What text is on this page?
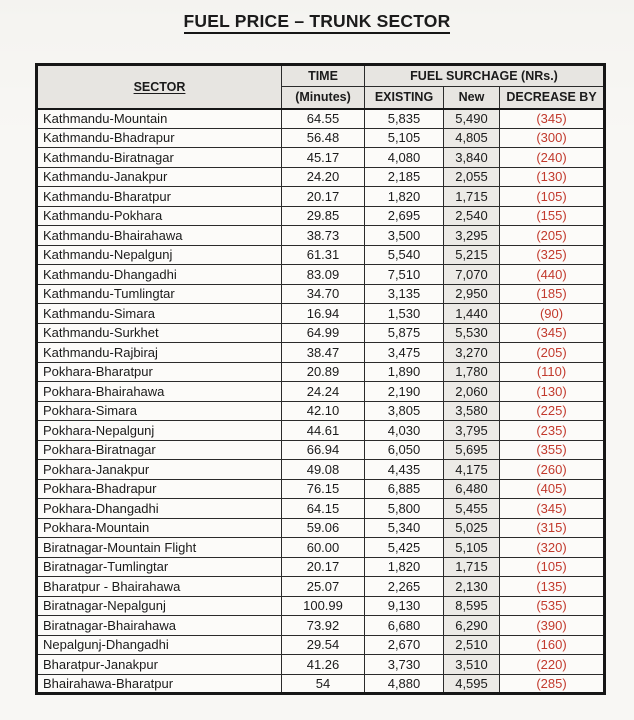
FUEL PRICE – TRUNK SECTOR
SECTOR	TIME	FUEL SURCHAGE (NRs.)		
	(Minutes)	EXISTING	New	DECREASE BY
Kathmandu-Mountain	64.55	5,835	5,490	(345)
Kathmandu-Bhadrapur	56.48	5,105	4,805	(300)
Kathmandu-Biratnagar	45.17	4,080	3,840	(240)
Kathmandu-Janakpur	24.20	2,185	2,055	(130)
Kathmandu-Bharatpur	20.17	1,820	1,715	(105)
Kathmandu-Pokhara	29.85	2,695	2,540	(155)
Kathmandu-Bhairahawa	38.73	3,500	3,295	(205)
Kathmandu-Nepalgunj	61.31	5,540	5,215	(325)
Kathmandu-Dhangadhi	83.09	7,510	7,070	(440)
Kathmandu-Tumlingtar	34.70	3,135	2,950	(185)
Kathmandu-Simara	16.94	1,530	1,440	(90)
Kathmandu-Surkhet	64.99	5,875	5,530	(345)
Kathmandu-Rajbiraj	38.47	3,475	3,270	(205)
Pokhara-Bharatpur	20.89	1,890	1,780	(110)
Pokhara-Bhairahawa	24.24	2,190	2,060	(130)
Pokhara-Simara	42.10	3,805	3,580	(225)
Pokhara-Nepalgunj	44.61	4,030	3,795	(235)
Pokhara-Biratnagar	66.94	6,050	5,695	(355)
Pokhara-Janakpur	49.08	4,435	4,175	(260)
Pokhara-Bhadrapur	76.15	6,885	6,480	(405)
Pokhara-Dhangadhi	64.15	5,800	5,455	(345)
Pokhara-Mountain	59.06	5,340	5,025	(315)
Biratnagar-Mountain Flight	60.00	5,425	5,105	(320)
Biratnagar-Tumlingtar	20.17	1,820	1,715	(105)
Bharatpur - Bhairahawa	25.07	2,265	2,130	(135)
Biratnagar-Nepalgunj	100.99	9,130	8,595	(535)
Biratnagar-Bhairahawa	73.92	6,680	6,290	(390)
Nepalgunj-Dhangadhi	29.54	2,670	2,510	(160)
Bharatpur-Janakpur	41.26	3,730	3,510	(220)
Bhairahawa-Bharatpur	54	4,880	4,595	(285)
